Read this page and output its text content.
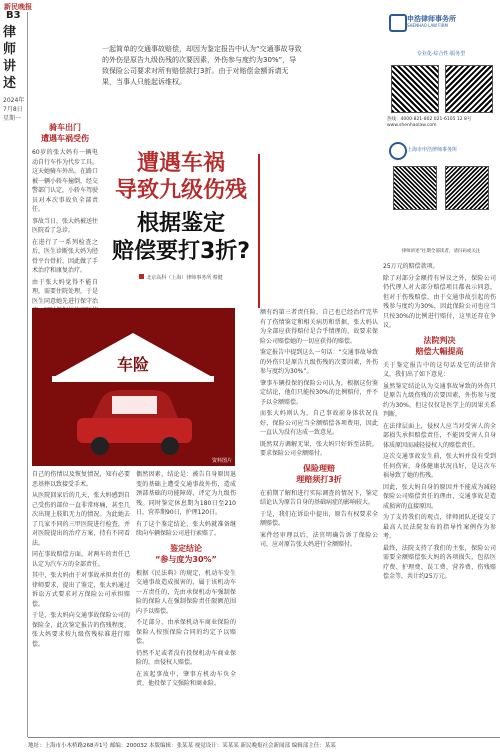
新民晚报
B3
律
师
讲
述
2024年
7月8日
星期一
一起简单的交通事故赔偿，却因为鉴定报告中认为“交通事故导致的外伤是原告九级伤残的次要因素，外伤参与度约为30%”，导致保险公司要求对所有赔偿款打3折。由于对赔偿金额诉请无果，当事人只能起诉维权。
申浩律师事务所
SHENHAO LAW FIRM
专业化·综合性·服务型
热线：4000-821-802 021-6105 12 8号
www.shenhaolaw.com
上海市申浩律师事务所
律师讲述”往期全部读者，请扫码或关注
骑车出门
遭遇车祸受伤

60岁的张大妈有一辆电动自行车作为代步工具。这天她骑车外出，在路口被一辆小轿车撞倒，经交警部门认定，小轿车驾驶员对本次事故负全部责任。

事故当日，张大妈被送往医院看了急诊。

在进行了一系列检查之后，医生诊断张大妈为胫骨平台骨折，因此做了手术治疗和康复治疗。

由于张大妈觉得不能自理，需要住院处理，于是医生同意她先进行保守治

遭遇车祸
导致九级伤残
根据鉴定
赔偿要打3折?
北京高科（上海）律师事务所 蔡健
车险
资料图片

自己的伤情以及恢复情况，知有必要恶基摔以致接受手术。

从医院回家后的几天，张大妈感到自己受伤的部位一直非常疼痛，甚至几次出现上肢肌无力的情况。为此她去了几家不同的三甲医院进行检查，并对医院提出的治疗方案，持有不同看法。

同在事故赔偿方面，对两车的责任已认定为汽车方的全部责任。

其中，张大妈由于对事故承担责任的律师要求，提出了鉴定，张大妈通过诉讼方式要求对方保险公司承担赔偿。

于是，张大妈向交通事故保险公司的保险金，此次鉴定报告的伤残程度、张大妈要求按九级伤残标准进行赔偿。

偶然因素，结论是：被告自身原因退变的基础上遭受交通事故外伤，造成颈部基础的功能障碍，评定为九级伤残。同时鉴定休息期为180日至210日，营养期90日，护理120日。

有了这个鉴定结论，张大妈就准备继续向车辆保险公司进行索赔了。

鉴定结论
“参与度为30%”

根据《民法典》的规定，机动车发生交通事故造成损害的，属于该机动车一方责任的，先由承保机动车强制保险的保险人在强制保险责任限额范围内予以赔偿。

不足部分，由承保机动车商业保险的保险人按照保险合同的约定予以赔偿。

仍然不足或者没有投保机动车商业保险的，由侵权人赔偿。

在该起事故中，肇事方机动车负全责，他投保了交强险和商业险。

额有约第三者责任险，自己也已经治疗完毕有了伤情鉴定和相关病历和票据，张大妈认为全部应获得赔付是合乎情理的，故要求保险公司赔偿她的一切应获得的赔偿。

鉴定报告中提到这么一句话：“交通事故导致的外伤只是原告九级伤残的次要因素，外伤参与度约为30%”。

肇事车辆投保的保险公司认为，根据这份鉴定结论，他们只能按30%的比例赔付，并不予以全额赔偿。

而张大妈则认为，自己事故前身体状况良好，保险公司应当全额赔偿各项费用，因此一直认为没有达成一致意见。

既然双方调解无果，张大妈只好诉至法院，要求保险公司全额赔付。

保险理赔
理赔须打3折

在前期了解和进行实际调查的情况下，鉴定结论认为原告自身的基础病症的影响较大。

于是，我们在诉讼中提出，原告有权要求全额赔偿。

案件经审理以后，法官明确告诉了保险公司，应对原告张大妈进行全额赔付。

25万元的赔偿款项。

除了对部分金额持有异议之外，保险公司仍代理人对大部分赔偿项目都表示同意，但对于伤残赔偿，由于交通事故引起的伤残参与度约为30%，因此保险公司也应当只按30%的比例进行赔付，这里还存在争议。

法院判决
赔偿大幅提高

关于鉴定报告中的这句话及它的法律含义，我们出了如下意见：

虽然鉴定结论认为交通事故导致的外伤只是原告九级伤残的次要因素，外伤参与度约为30%，但这仅仅是医学上的因果关系判断。

在法律层面上，侵权人应当对受害人的全部损失承担赔偿责任，不能因受害人自身体质原因而减轻侵权人的赔偿责任。

这次交通事故发生前，张大妈并没有受到任何伤害，身体健康状况良好，是这次车祸导致了她的伤残。

因此，张大妈自身的原因并不能成为减轻保险公司赔偿责任的理由，交通事故是造成损害的直接原因。

为了支持我们的观点，律师团队还提交了最高人民法院发布的指导性案例作为参考。

最终，法院支持了我们的主张，保险公司需要全额赔偿张大妈的各项损失，包括医疗费、护理费、误工费、营养费、伤残赔偿金等，共计约25万元。

地址：上海市小木桥路268弄1号 邮编：200032 本版编辑：张某某 视觉设计：某某某 新民晚报社会新闻部 编辑部主任：某某
